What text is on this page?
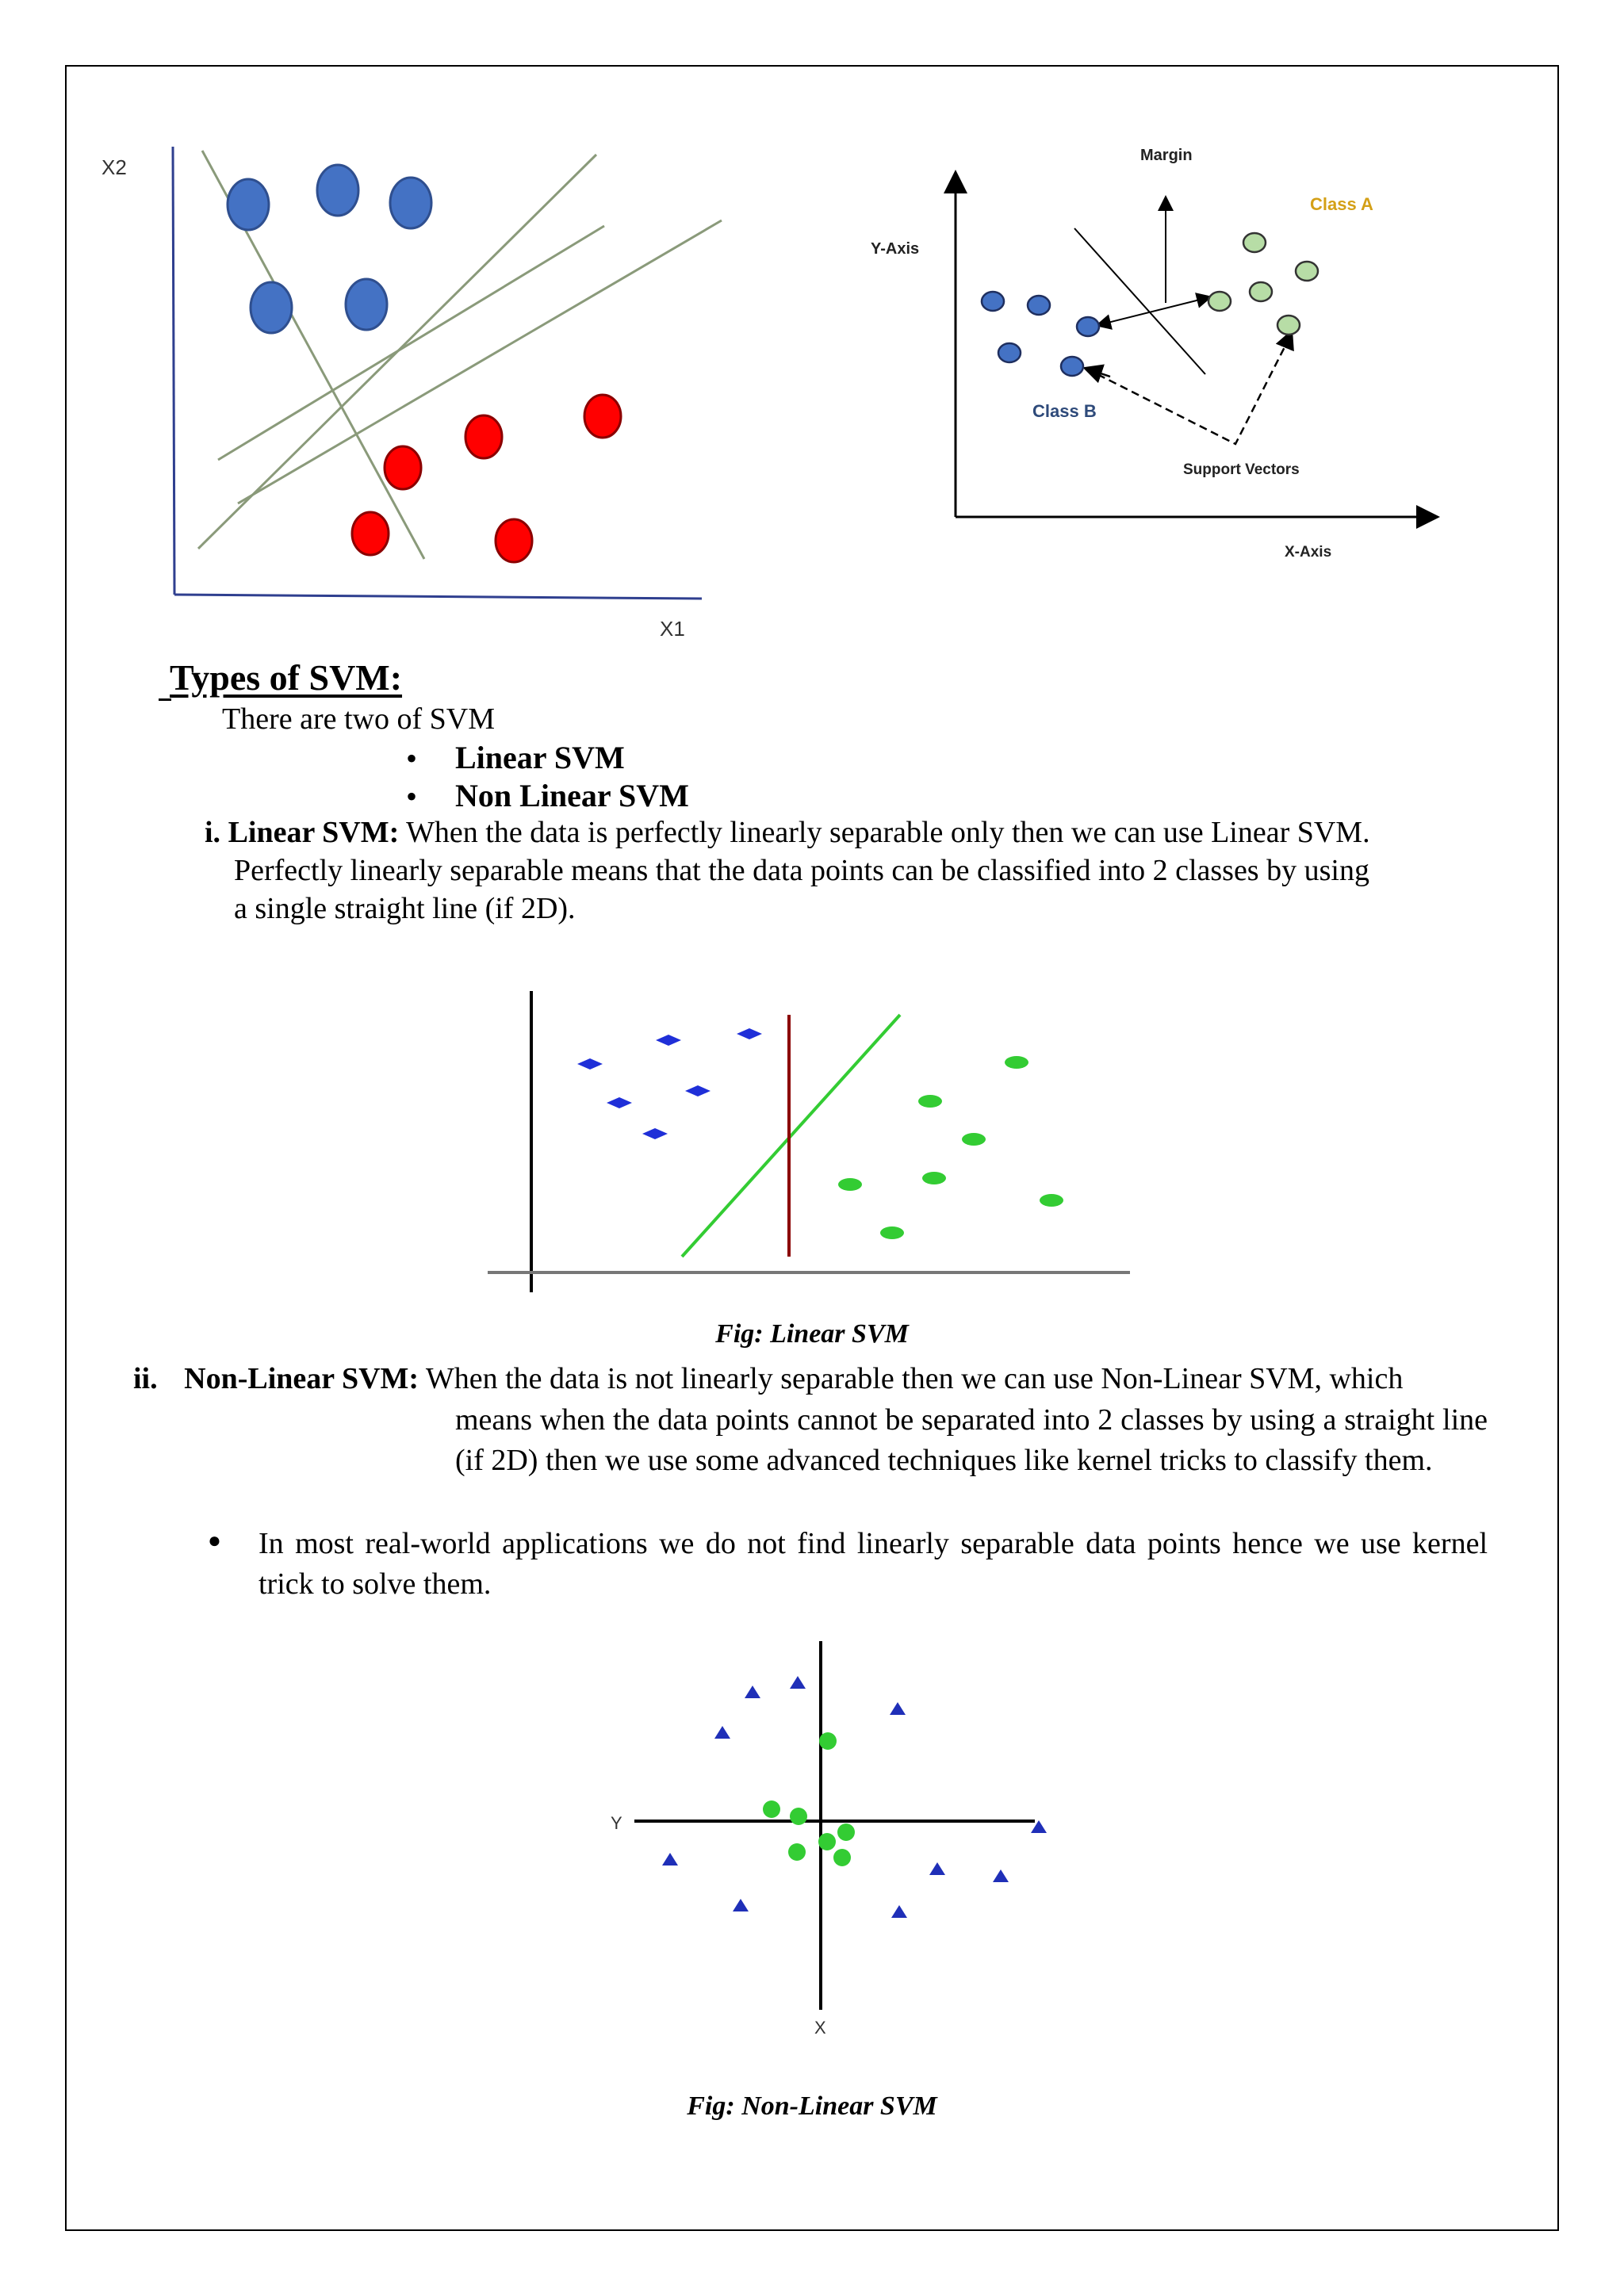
X2
X1
Margin
Class A
Y-Axis
Class B
Support Vectors
X-Axis
Types of SVM:
There are two of SVM
• Linear SVM
• Non Linear SVM
i. Linear SVM: When the data is perfectly linearly separable only then we can use Linear SVM.
Perfectly linearly separable means that the data points can be classified into 2 classes by using
a single straight line (if 2D).
Fig: Linear SVM
ii. Non-Linear SVM: When the data is not linearly separable then we can use Non-Linear SVM, which
means when the data points cannot be separated into 2 classes by using a straight line (if 2D) then we use some advanced techniques like kernel tricks to classify them.
● In most real-world applications we do not find linearly separable data points hence we use kernel trick to solve them.
Y
X
Fig: Non-Linear SVM
